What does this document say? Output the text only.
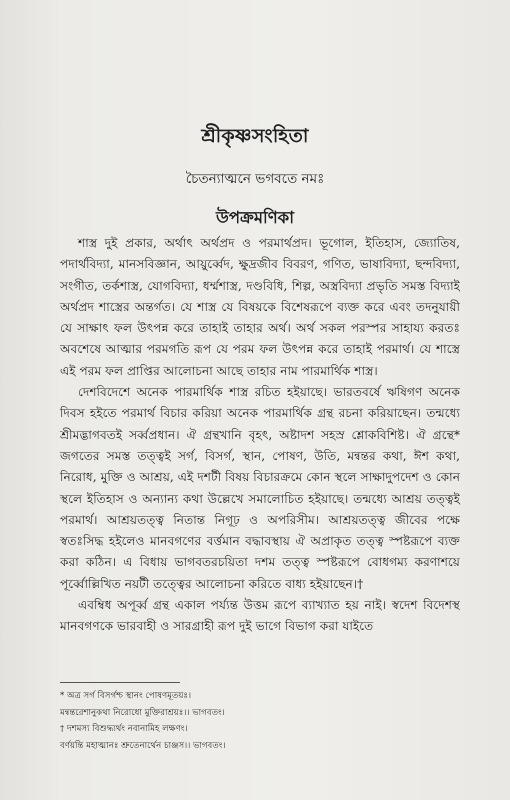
শ্রীকৃষ্ণসংহিতা
চৈতন্যাত্মনে ভগবতে নমঃ
উপক্রমণিকা

শাস্ত্র দুই প্রকার, অর্থাৎ অর্থপ্রদ ও পরমার্থপ্রদ। ভূগোল, ইতিহাস, জ্যোতিষ, পদার্থবিদ্যা, মানসবিজ্ঞান, আয়ুর্ব্বেদ, ক্ষুদ্রজীব বিবরণ, গণিত, ভাষাবিদ্যা, ছন্দবিদ্যা, সংগীত, তর্কশাস্ত্র, যোগবিদ্যা, ধর্ম্মশাস্ত্র, দণ্ডবিধি, শিল্প, অস্ত্রবিদ্যা প্রভৃতি সমস্ত বিদ্যাই অর্থপ্রদ শাস্ত্রের অন্তর্গত। যে শাস্ত্র যে বিষয়কে বিশেষরূপে ব্যক্ত করে এবং তদনুযায়ী যে সাক্ষাৎ ফল উৎপন্ন করে তাহাই তাহার অর্থ। অর্থ সকল পরস্পর সাহায্য করতঃ অবশেষে আত্মার পরমগতি রূপ যে পরম ফল উৎপন্ন করে তাহাই পরমার্থ। যে শাস্ত্রে এই পরম ফল প্রাপ্তির আলোচনা আছে তাহার নাম পারমার্থিক শাস্ত্র।

দেশবিদেশে অনেক পারমার্থিক শাস্ত্র রচিত হইয়াছে। ভারতবর্ষে ঋষিগণ অনেক দিবস হইতে পরমার্থ বিচার করিয়া অনেক পারমার্থিক গ্রন্থ রচনা করিয়াছেন। তন্মধ্যে শ্রীমদ্ভাগবতই সর্ব্বপ্রধান। ঐ গ্রন্থখানি বৃহৎ, অষ্টাদশ সহস্র শ্লোকবিশিষ্ট। ঐ গ্রন্থে* জগতের সমস্ত তত্ত্বই সর্গ, বিসর্গ, স্থান, পোষণ, উতি, মন্বন্তর কথা, ঈশ কথা, নিরোধ, মুক্তি ও আশ্রয়, এই দশটী বিষয় বিচারক্রমে কোন স্থলে সাক্ষাদুপদেশ ও কোন স্থলে ইতিহাস ও অন্যান্য কথা উল্লেখে সমালোচিত হইয়াছে। তন্মধ্যে আশ্রয় তত্ত্বই পরমার্থ। আশ্রয়তত্ত্ব নিতান্ত নিগূঢ় ও অপরিসীম। আশ্রয়তত্ত্ব জীবের পক্ষে স্বতঃসিদ্ধ হইলেও মানবগণের বর্ত্তমান বদ্ধাবস্থায় ঐ অপ্রাকৃত তত্ত্ব স্পষ্টরূপে ব্যক্ত করা কঠিন। এ বিধায় ভাগবতরচয়িতা দশম তত্ত্ব স্পষ্টরূপে বোধগম্য করণাশয়ে পূর্ব্বোল্লিখিত নয়টী তত্ত্বের আলোচনা করিতে বাধ্য হইয়াছেন।†

এবম্বিধ অপূর্ব্ব গ্রন্থ একাল পর্য্যন্ত উত্তম রূপে ব্যাখ্যাত হয় নাই। স্বদেশ বিদেশস্থ মানবগণকে ভারবাহী ও সারগ্রাহী রূপ দুই ভাগে বিভাগ করা যাইতে

* অত্র সর্গ বিসর্গশ্চ স্থানং পোষণমূতয়ঃ।
মন্বন্তরেশানুকথা নিরোধো মুক্তিরাশ্রয়ঃ।। ভাগবতং।
† দশমস্য বিশুদ্ধ্যর্থং নবানামিহ লক্ষণং।
বর্ণয়ন্তি মহাত্মানঃ শ্রুতেনার্থেন চাঞ্জস।। ভাগবতং।
